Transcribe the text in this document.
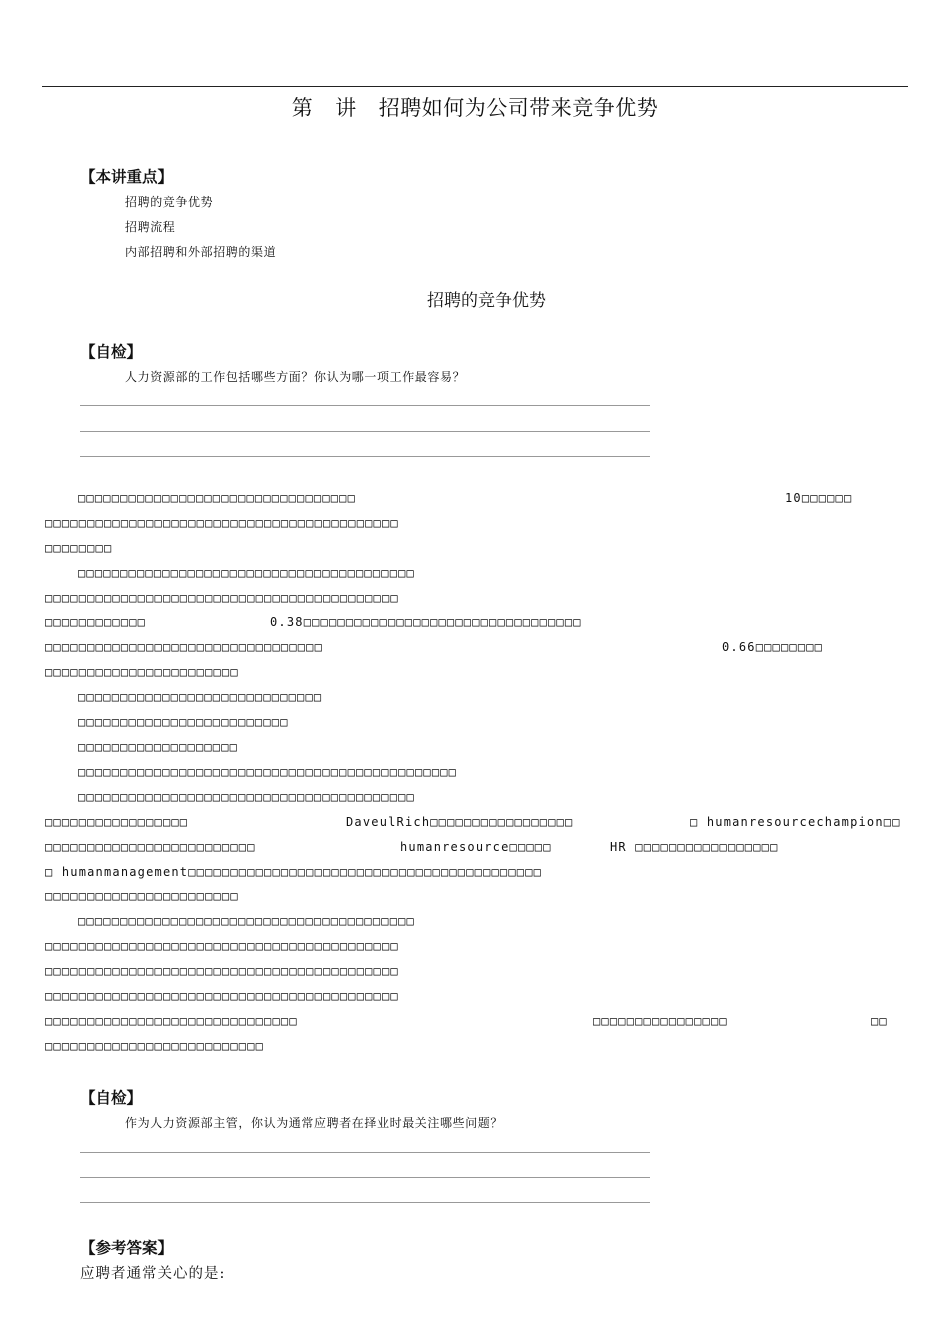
第 讲 招聘如何为公司带来竞争优势
【本讲重点】
招聘的竞争优势
招聘流程
内部招聘和外部招聘的渠道
招聘的竞争优势
【自检】
人力资源部的工作包括哪些方面？你认为哪一项工作最容易？
□□□□□□□□□□□□□□□□□□□□□□□□□□□□□□□□□	10□□□□□□
□□□□□□□□□□□□□□□□□□□□□□□□□□□□□□□□□□□□□□□□□□
□□□□□□□□
□□□□□□□□□□□□□□□□□□□□□□□□□□□□□□□□□□□□□□□□
□□□□□□□□□□□□□□□□□□□□□□□□□□□□□□□□□□□□□□□□□□
□□□□□□□□□□□□	0.38□□□□□□□□□□□□□□□□□□□□□□□□□□□□□□□□□
□□□□□□□□□□□□□□□□□□□□□□□□□□□□□□□□□	0.66□□□□□□□□
□□□□□□□□□□□□□□□□□□□□□□□
□□□□□□□□□□□□□□□□□□□□□□□□□□□□□
□□□□□□□□□□□□□□□□□□□□□□□□□
□□□□□□□□□□□□□□□□□□□
□□□□□□□□□□□□□□□□□□□□□□□□□□□□□□□□□□□□□□□□□□□□□
□□□□□□□□□□□□□□□□□□□□□□□□□□□□□□□□□□□□□□□□
□□□□□□□□□□□□□□□□□	DaveulRich□□□□□□□□□□□□□□□□□	□ humanresourcechampion□□
□□□□□□□□□□□□□□□□□□□□□□□□□	humanresource□□□□□	HR □□□□□□□□□□□□□□□□□
□ humanmanagement□□□□□□□□□□□□□□□□□□□□□□□□□□□□□□□□□□□□□□□□□□
□□□□□□□□□□□□□□□□□□□□□□□
□□□□□□□□□□□□□□□□□□□□□□□□□□□□□□□□□□□□□□□□
□□□□□□□□□□□□□□□□□□□□□□□□□□□□□□□□□□□□□□□□□□
□□□□□□□□□□□□□□□□□□□□□□□□□□□□□□□□□□□□□□□□□□
□□□□□□□□□□□□□□□□□□□□□□□□□□□□□□□□□□□□□□□□□□
□□□□□□□□□□□□□□□□□□□□□□□□□□□□□□	□□□□□□□□□□□□□□□□	□□
□□□□□□□□□□□□□□□□□□□□□□□□□□
【自检】
作为人力资源部主管，你认为通常应聘者在择业时最关注哪些问题？
【参考答案】
应聘者通常关心的是:
